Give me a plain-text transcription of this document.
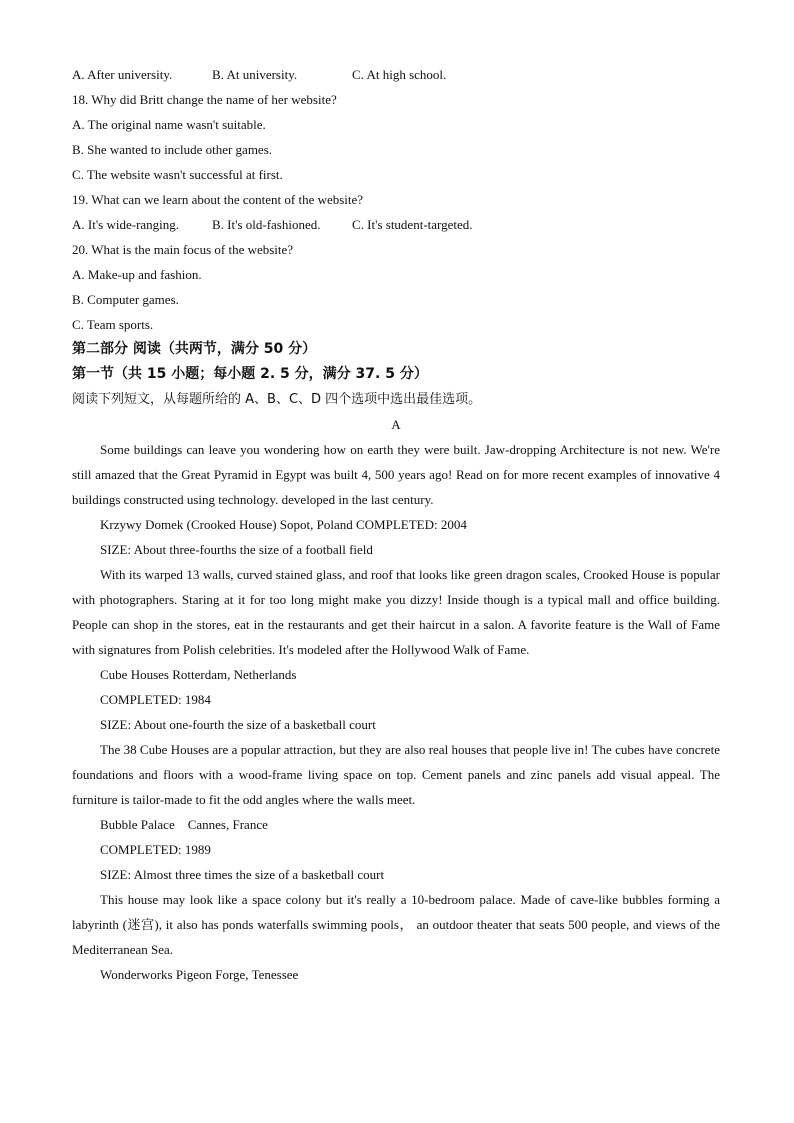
A. After university.	B. At university.	C. At high school.
18. Why did Britt change the name of her website?
A. The original name wasn't suitable.
B. She wanted to include other games.
C. The website wasn't successful at first.
19. What can we learn about the content of the website?
A. It's wide-ranging.	B. It's old-fashioned.	C. It's student-targeted.
20. What is the main focus of the website?
A. Make-up and fashion.
B. Computer games.
C. Team sports.
第二部分 阅读（共两节，满分 50 分）
第一节（共 15 小题；每小题 2. 5 分，满分 37. 5 分）
阅读下列短文，从每题所给的 A、B、C、D 四个选项中选出最佳选项。
A
Some buildings can leave you wondering how on earth they were built. Jaw-dropping Architecture is not new. We're still amazed that the Great Pyramid in Egypt was built 4, 500 years ago! Read on for more recent examples of innovative 4 buildings constructed using technology. developed in the last century.
Krzywy Domek (Crooked House) Sopot, Poland COMPLETED: 2004
SIZE: About three-fourths the size of a football field
With its warped 13 walls, curved stained glass, and roof that looks like green dragon scales, Crooked House is popular with photographers. Staring at it for too long might make you dizzy! Inside though is a typical mall and office building. People can shop in the stores, eat in the restaurants and get their haircut in a salon. A favorite feature is the Wall of Fame with signatures from Polish celebrities. It's modeled after the Hollywood Walk of Fame.
Cube Houses Rotterdam, Netherlands
COMPLETED: 1984
SIZE: About one-fourth the size of a basketball court
The 38 Cube Houses are a popular attraction, but they are also real houses that people live in! The cubes have concrete foundations and floors with a wood-frame living space on top. Cement panels and zinc panels add visual appeal. The furniture is tailor-made to fit the odd angles where the walls meet.
Bubble Palace    Cannes, France
COMPLETED: 1989
SIZE: Almost three times the size of a basketball court
This house may look like a space colony but it's really a 10-bedroom palace. Made of cave-like bubbles forming a labyrinth (迷宫), it also has ponds waterfalls swimming pools， an outdoor theater that seats 500 people, and views of the Mediterranean Sea.
Wonderworks Pigeon Forge, Tenessee
